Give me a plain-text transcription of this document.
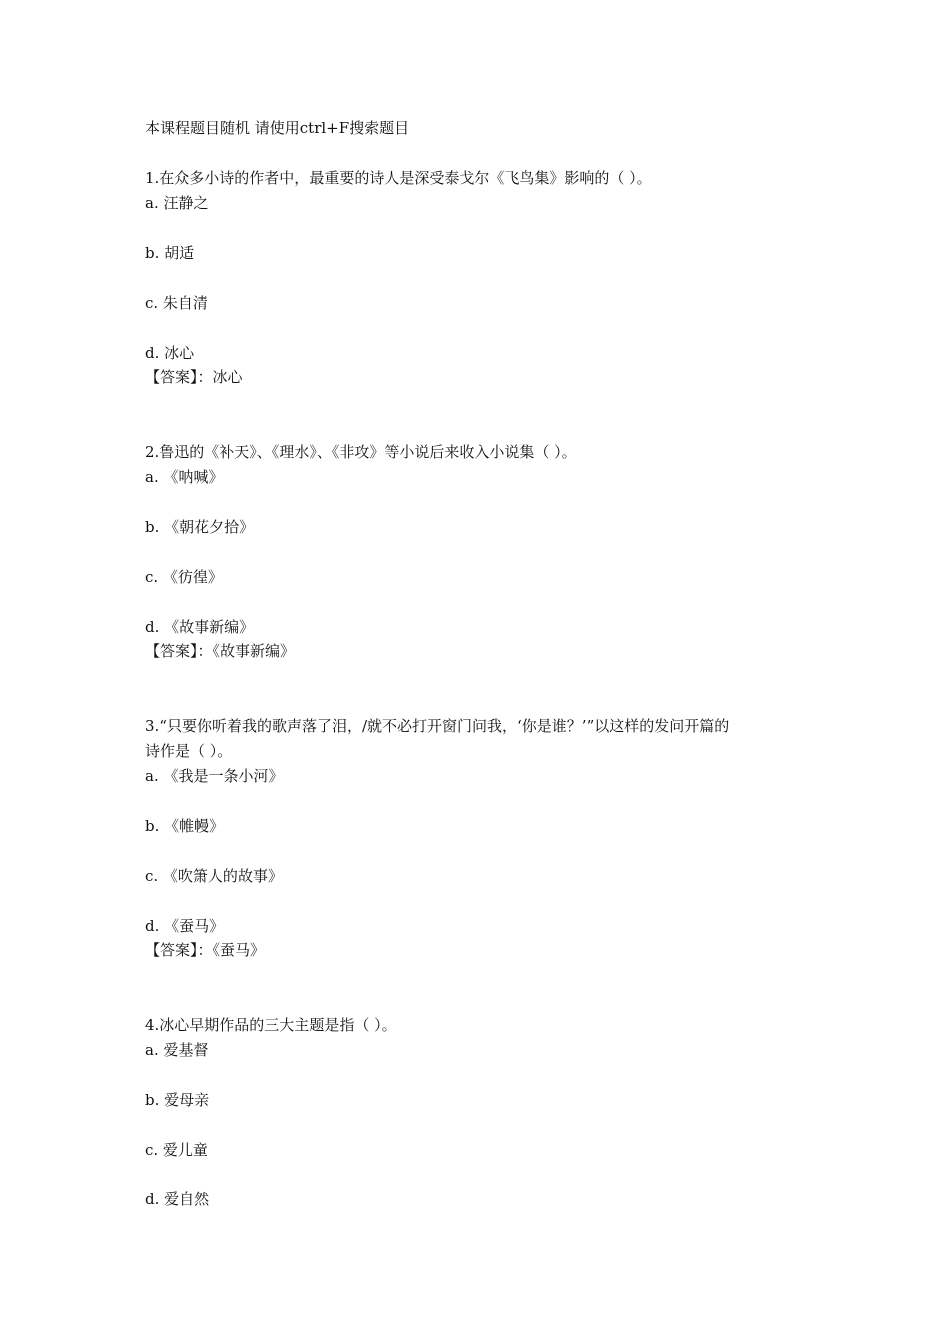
本课程题目随机 请使用ctrl+F搜索题目
1.在众多小诗的作者中，最重要的诗人是深受泰戈尔《飞鸟集》影响的（ ）。
a. 汪静之
b. 胡适
c. 朱自清
d. 冰心
【答案】：冰心
2.鲁迅的《补天》、《理水》、《非攻》等小说后来收入小说集（ ）。
a. 《呐喊》
b. 《朝花夕拾》
c. 《彷徨》
d. 《故事新编》
【答案】：《故事新编》
3.“只要你听着我的歌声落了泪，/就不必打开窗门问我，‘你是谁？’”以这样的发问开篇的
诗作是（ ）。
a. 《我是一条小河》
b. 《帷幔》
c. 《吹箫人的故事》
d. 《蚕马》
【答案】：《蚕马》
4.冰心早期作品的三大主题是指（ ）。
a. 爱基督
b. 爱母亲
c. 爱儿童
d. 爱自然
